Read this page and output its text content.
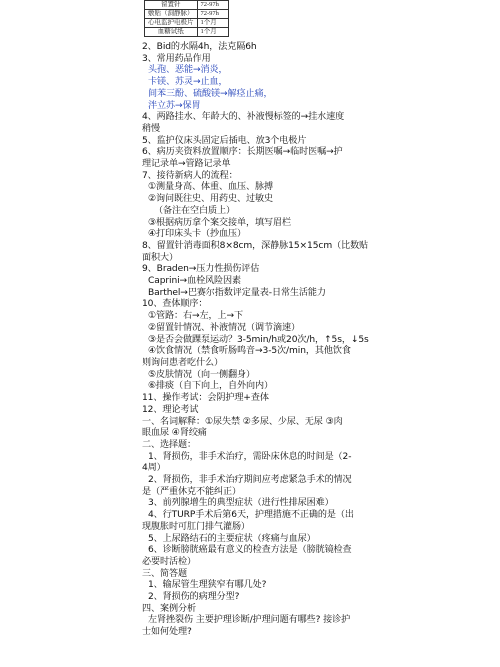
留置针	72-97h
敷贴（洞静脉）	72-97h
心电监护电极片	1个月
血糖试纸	1个月
2、Bid的水隔4h，法克隔6h
3、常用药品作用
头孢、恶能→消炎，
卡镁、苏灵→止血，
间苯三酚、硫酸镁→解痉止痛，
泮立苏→保胃
4、两路挂水、年龄大的、补液慢标签的→挂水速度
稍慢
5、监护仪床头固定后插电、放3个电极片
6、病历夹资料放置顺序：长期医嘱→临时医嘱→护
理记录单→管路记录单
7、接待新病人的流程：
①测量身高、体重、血压、脉搏
②询问既往史、用药史、过敏史
（备注在空白质上）
③根据病历拿个案交接单，填写眉栏
④打印床头卡（抄血压）
8、留置针消毒面积8×8cm，深静脉15×15cm（比数贴
面积大）
9、Braden→压力性损伤评估
Caprini→血栓风险因素
Barthel→巴赛尔指数评定量表-日常生活能力
10、查体顺序：
①管路：右→左，上→下
②留置针情况、补液情况（调节滴速）
③是否会做踝泵运动？3-5min/h或20次/h，↑5s，↓5s
④饮食情况（禁食听肠鸣音→3-5次/min，其他饮食
则询问患者吃什么）
⑤皮肤情况（向一侧翻身）
⑥排痰（自下向上，自外向内）
11、操作考试：会阴护理+查体
12、理论考试
一、名词解释：①尿失禁 ②多尿、少尿、无尿 ③肉
眼血尿 ④肾绞痛
二、选择题：
1、肾损伤，非手术治疗，需卧床休息的时间是（2-
4周）
2、肾损伤，非手术治疗期间应考虑紧急手术的情况
是（严重休克不能纠正）
3、前列腺增生的典型症状（进行性排尿困难）
4、行TURP手术后第6天，护理措施不正确的是（出
现腹胀时可肛门排气灌肠）
5、上尿路结石的主要症状（疼痛与血尿）
6、诊断膀胱癌最有意义的检查方法是（膀胱镜检查
必要时活检）
三、简答题
1、输尿管生理狭窄有哪几处?
2、肾损伤的病理分型?
四、案例分析
左肾挫裂伤 主要护理诊断/护理问题有哪些? 接诊护
士如何处理?
